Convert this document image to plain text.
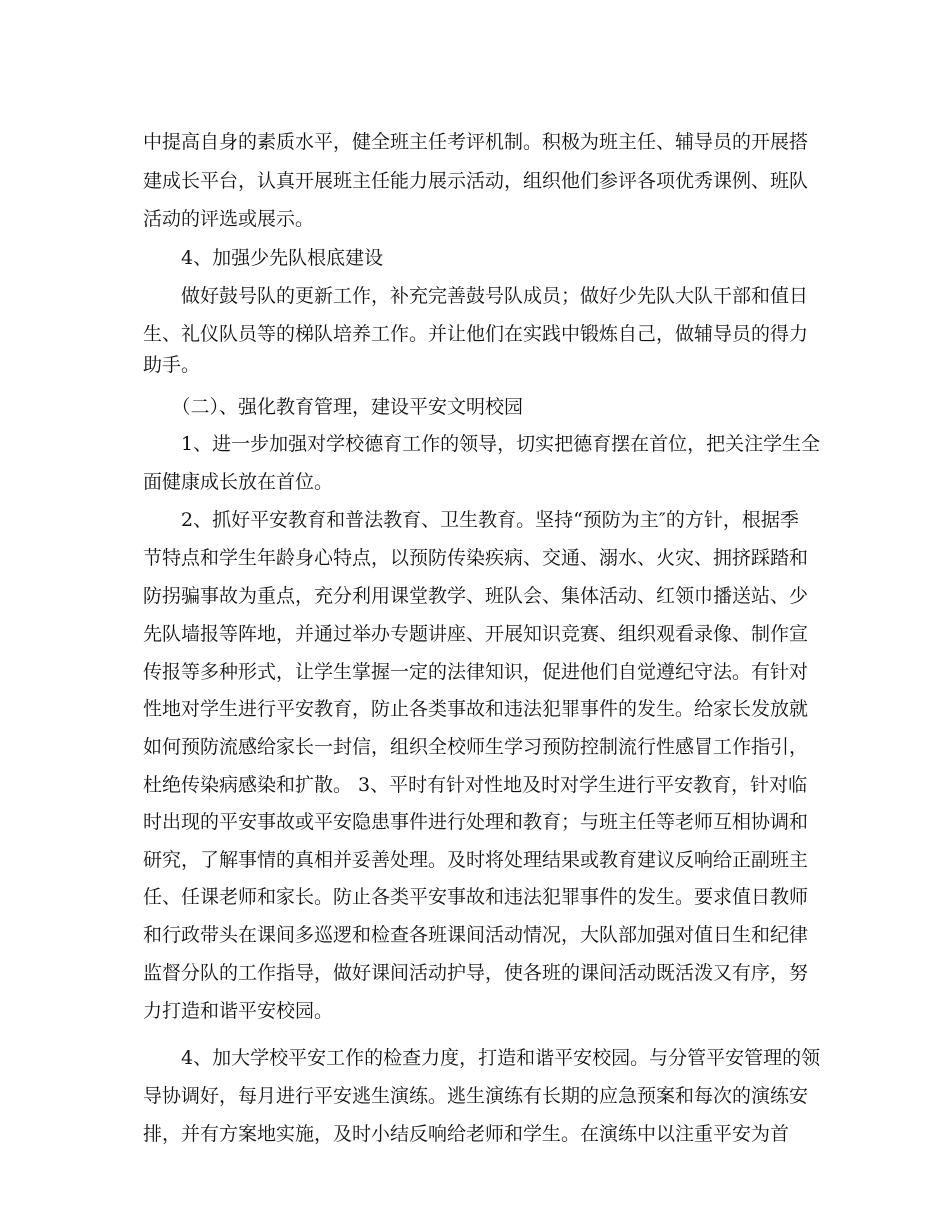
中提高自身的素质水平，健全班主任考评机制。积极为班主任、辅导员的开展搭

建成长平台，认真开展班主任能力展示活动，组织他们参评各项优秀课例、班队

活动的评选或展示。

　　4、加强少先队根底建设

　　做好鼓号队的更新工作，补充完善鼓号队成员；做好少先队大队干部和值日

生、礼仪队员等的梯队培养工作。并让他们在实践中锻炼自己，做辅导员的得力

助手。

　　（二）、强化教育管理，建设平安文明校园

　　1、进一步加强对学校德育工作的领导，切实把德育摆在首位，把关注学生全

面健康成长放在首位。

　　2、抓好平安教育和普法教育、卫生教育。坚持“预防为主″的方针，根据季

节特点和学生年龄身心特点，以预防传染疾病、交通、溺水、火灾、拥挤踩踏和

防拐骗事故为重点，充分利用课堂教学、班队会、集体活动、红领巾播送站、少

先队墙报等阵地，并通过举办专题讲座、开展知识竞赛、组织观看录像、制作宣

传报等多种形式，让学生掌握一定的法律知识，促进他们自觉遵纪守法。有针对

性地对学生进行平安教育，防止各类事故和违法犯罪事件的发生。给家长发放就

如何预防流感给家长一封信，组织全校师生学习预防控制流行性感冒工作指引，

杜绝传染病感染和扩散。 3、平时有针对性地及时对学生进行平安教育，针对临

时出现的平安事故或平安隐患事件进行处理和教育；与班主任等老师互相协调和

研究，了解事情的真相并妥善处理。及时将处理结果或教育建议反响给正副班主

任、任课老师和家长。防止各类平安事故和违法犯罪事件的发生。要求值日教师

和行政带头在课间多巡逻和检查各班课间活动情况，大队部加强对值日生和纪律

监督分队的工作指导，做好课间活动护导，使各班的课间活动既活泼又有序，努

力打造和谐平安校园。

　　4、加大学校平安工作的检查力度，打造和谐平安校园。与分管平安管理的领

导协调好，每月进行平安逃生演练。逃生演练有长期的应急预案和每次的演练安

排，并有方案地实施，及时小结反响给老师和学生。在演练中以注重平安为首
